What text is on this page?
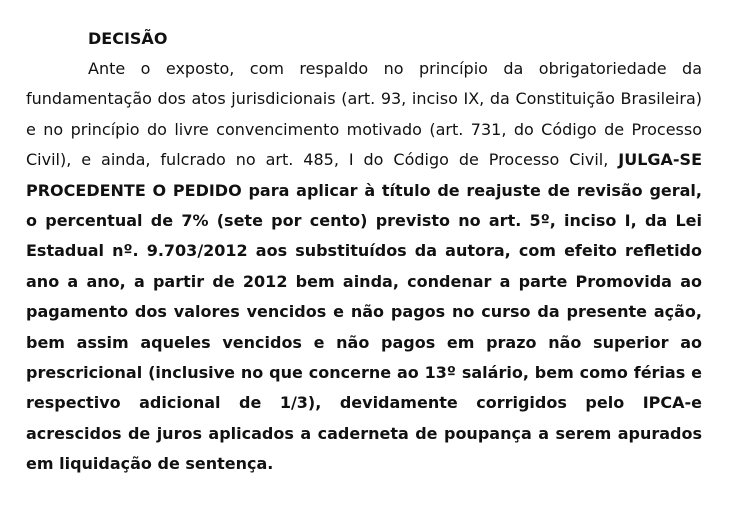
DECISÃO

Ante o exposto, com respaldo no princípio da obrigatoriedade da fundamentação dos atos jurisdicionais (art. 93, inciso IX, da Constituição Brasileira) e no princípio do livre convencimento motivado (art. 731, do Código de Processo Civil), e ainda, fulcrado no art. 485, I do Código de Processo Civil, JULGA-SE PROCEDENTE O PEDIDO para aplicar à título de reajuste de revisão geral, o percentual de 7% (sete por cento) previsto no art. 5º, inciso I, da Lei Estadual nº. 9.703/2012 aos substituídos da autora, com efeito refletido ano a ano, a partir de 2012 bem ainda, condenar a parte Promovida ao pagamento dos valores vencidos e não pagos no curso da presente ação, bem assim aqueles vencidos e não pagos em prazo não superior ao prescricional (inclusive no que concerne ao 13º salário, bem como férias e respectivo adicional de 1/3), devidamente corrigidos pelo IPCA-e acrescidos de juros aplicados a caderneta de poupança a serem apurados em liquidação de sentença.
